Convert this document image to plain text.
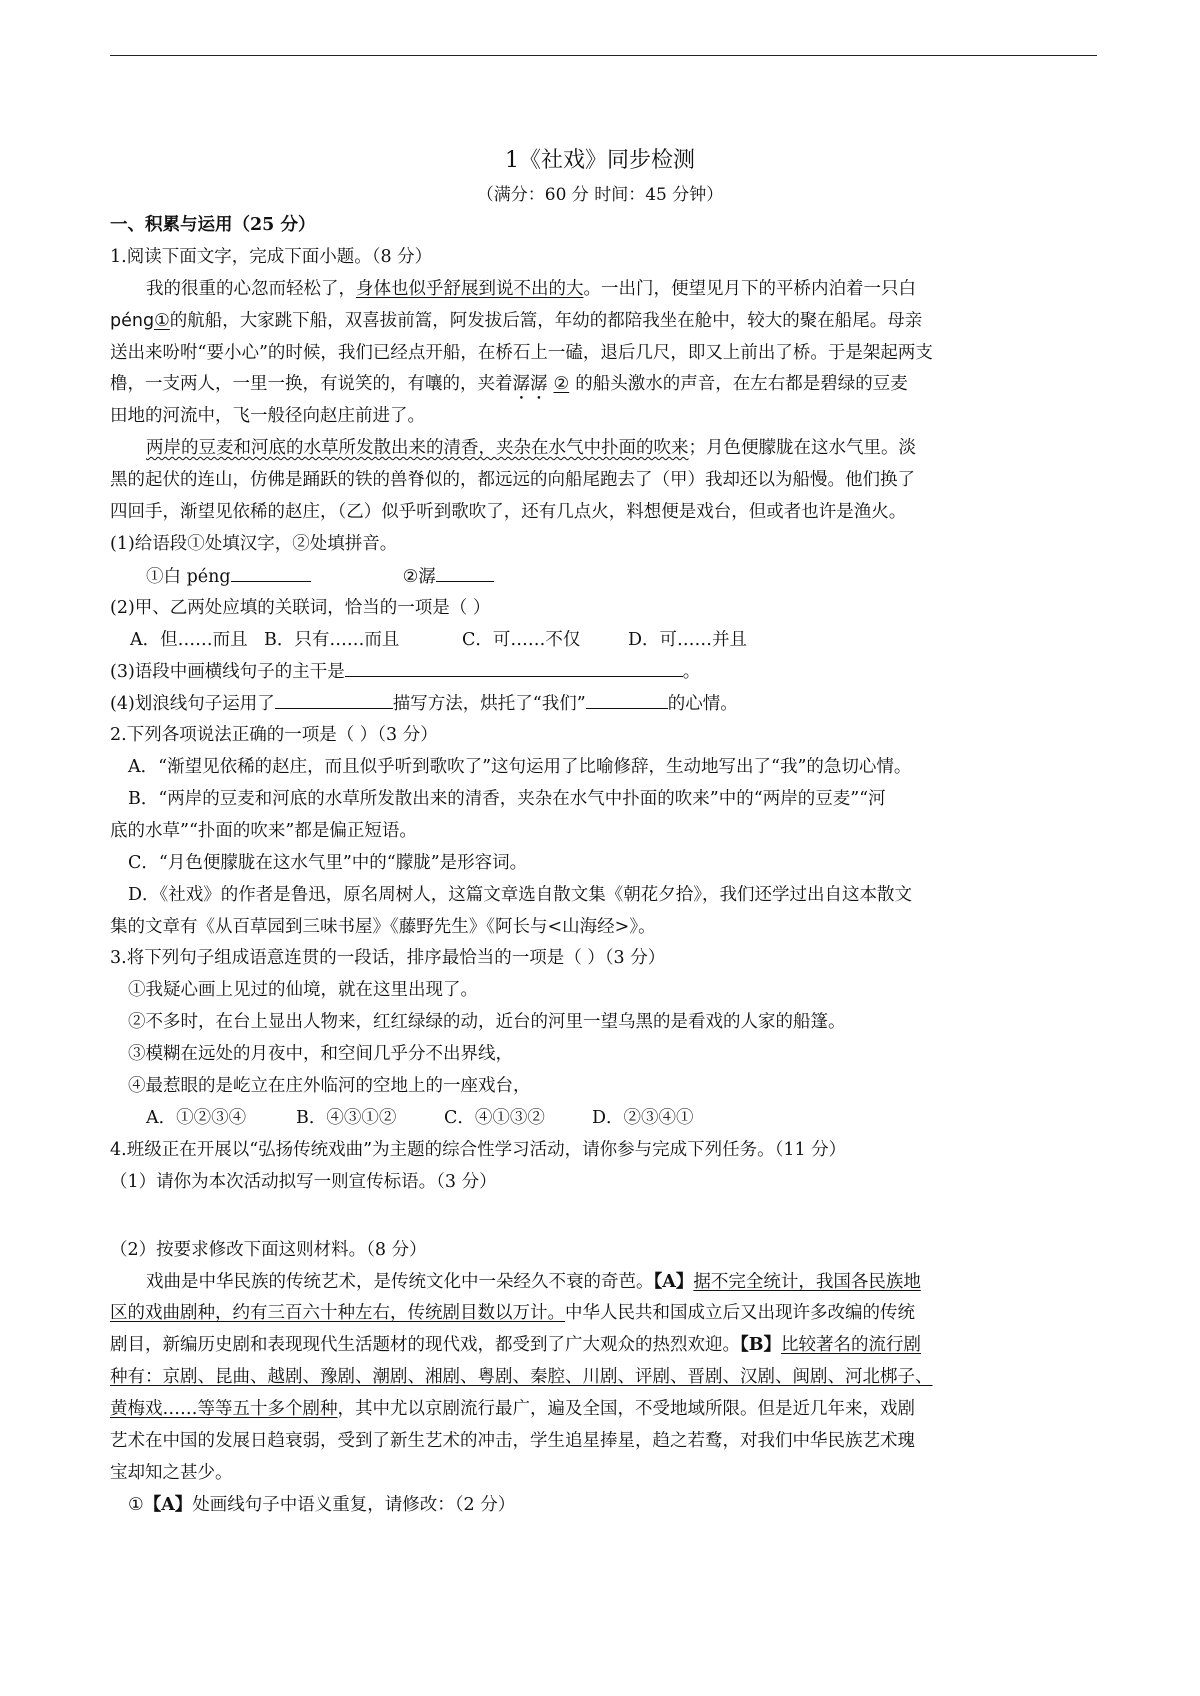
1《社戏》同步检测
（满分：60 分 时间：45 分钟）
一、积累与运用（25 分）
1.阅读下面文字，完成下面小题。（8 分）
我的很重的心忽而轻松了，身体也似乎舒展到说不出的大。一出门，便望见月下的平桥内泊着一只白
péng①的航船，大家跳下船，双喜拔前篙，阿发拔后篙，年幼的都陪我坐在舱中，较大的聚在船尾。母亲
送出来吩咐“要小心”的时候，我们已经点开船，在桥石上一磕，退后几尺，即又上前出了桥。于是架起两支
橹，一支两人，一里一换，有说笑的，有嚷的，夹着潺潺 ② 的船头激水的声音，在左右都是碧绿的豆麦
田地的河流中，飞一般径向赵庄前进了。
两岸的豆麦和河底的水草所发散出来的清香，夹杂在水气中扑面的吹来；月色便朦胧在这水气里。淡
黑的起伏的连山，仿佛是踊跃的铁的兽脊似的，都远远的向船尾跑去了（甲）我却还以为船慢。他们换了
四回手，渐望见依稀的赵庄，（乙）似乎听到歌吹了，还有几点火，料想便是戏台，但或者也许是渔火。
(1)给语段①处填汉字，②处填拼音。
①白 péng	②潺
(2)甲、乙两处应填的关联词，恰当的一项是（ ）
A．但……而且 B．只有……而且	C．可……不仅	D．可……并且
(3)语段中画横线句子的主干是	。
(4)划浪线句子运用了	描写方法，烘托了“我们”	的心情。
2.下列各项说法正确的一项是（ ）（3 分）
A．“渐望见依稀的赵庄，而且似乎听到歌吹了”这句运用了比喻修辞，生动地写出了“我”的急切心情。
B．“两岸的豆麦和河底的水草所发散出来的清香，夹杂在水气中扑面的吹来”中的“两岸的豆麦”“河
底的水草”“扑面的吹来”都是偏正短语。
C．“月色便朦胧在这水气里”中的“朦胧”是形容词。
D．《社戏》的作者是鲁迅，原名周树人，这篇文章选自散文集《朝花夕拾》，我们还学过出自这本散文
集的文章有《从百草园到三味书屋》《藤野先生》《阿长与<山海经>》。
3.将下列句子组成语意连贯的一段话，排序最恰当的一项是（ ）（3 分）
①我疑心画上见过的仙境，就在这里出现了。
②不多时，在台上显出人物来，红红绿绿的动，近台的河里一望乌黑的是看戏的人家的船篷。
③模糊在远处的月夜中，和空间几乎分不出界线，
④最惹眼的是屹立在庄外临河的空地上的一座戏台，
A．①②③④	B．④③①②	C．④①③②	D．②③④①
4.班级正在开展以“弘扬传统戏曲”为主题的综合性学习活动，请你参与完成下列任务。（11 分）
（1）请你为本次活动拟写一则宣传标语。（3 分）
（2）按要求修改下面这则材料。（8 分）
戏曲是中华民族的传统艺术，是传统文化中一朵经久不衰的奇芭。【A】据不完全统计，我国各民族地
区的戏曲剧种，约有三百六十种左右，传统剧目数以万计。中华人民共和国成立后又出现许多改编的传统
剧目，新编历史剧和表现现代生活题材的现代戏，都受到了广大观众的热烈欢迎。【B】比较著名的流行剧
种有：京剧、昆曲、越剧、豫剧、潮剧、湘剧、粤剧、秦腔、川剧、评剧、晋剧、汉剧、闽剧、河北梆子、
黄梅戏……等等五十多个剧种，其中尤以京剧流行最广，遍及全国，不受地域所限。但是近几年来，戏剧
艺术在中国的发展日趋衰弱，受到了新生艺术的冲击，学生追星捧星，趋之若鹜，对我们中华民族艺术瑰
宝却知之甚少。
①【A】处画线句子中语义重复，请修改：（2 分）
